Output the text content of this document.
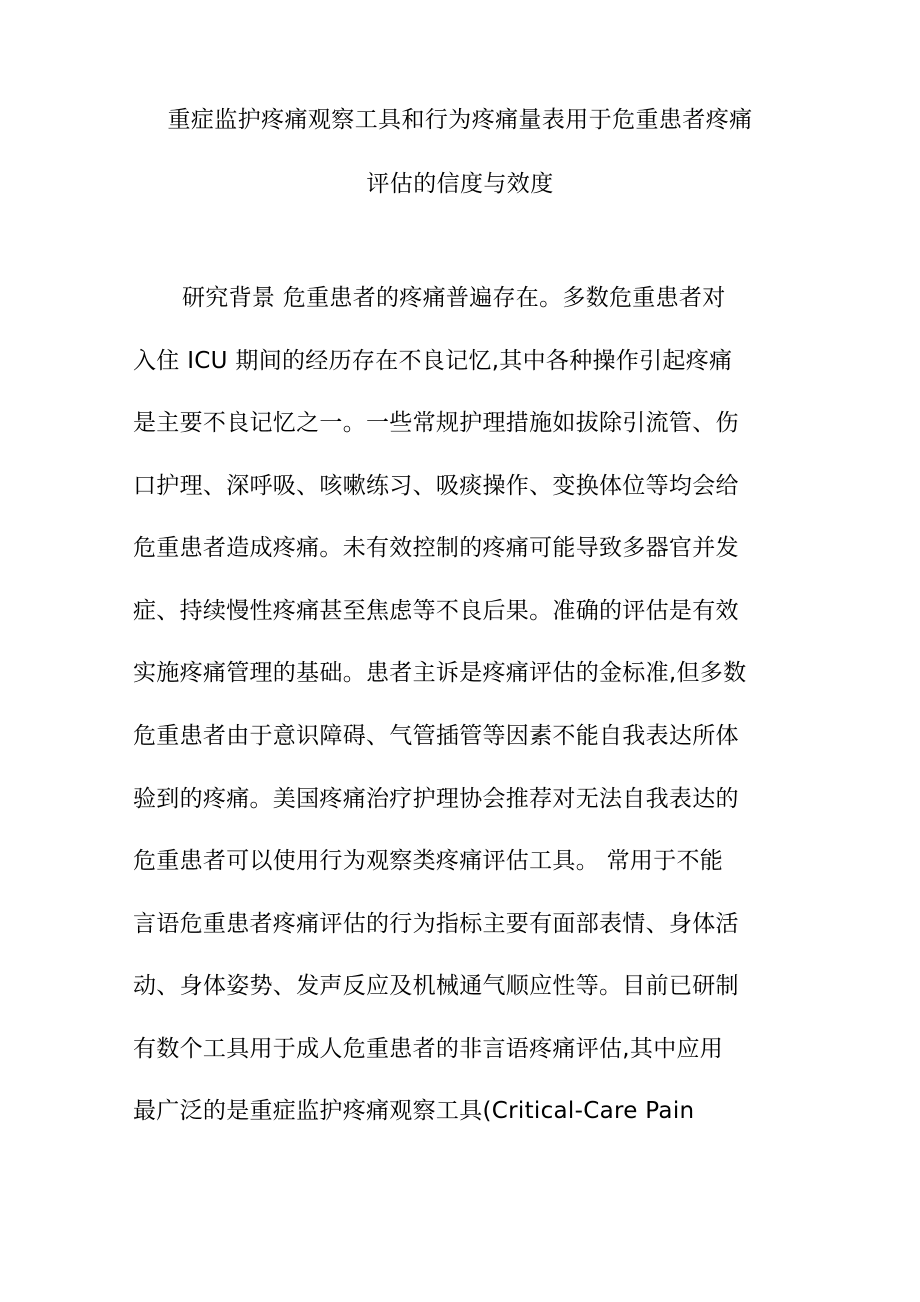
重症监护疼痛观察工具和行为疼痛量表用于危重患者疼痛
评估的信度与效度
研究背景 危重患者的疼痛普遍存在。多数危重患者对
入住 ICU 期间的经历存在不良记忆,其中各种操作引起疼痛
是主要不良记忆之一。一些常规护理措施如拔除引流管、伤
口护理、深呼吸、咳嗽练习、吸痰操作、变换体位等均会给
危重患者造成疼痛。未有效控制的疼痛可能导致多器官并发
症、持续慢性疼痛甚至焦虑等不良后果。准确的评估是有效
实施疼痛管理的基础。患者主诉是疼痛评估的金标准,但多数
危重患者由于意识障碍、气管插管等因素不能自我表达所体
验到的疼痛。美国疼痛治疗护理协会推荐对无法自我表达的
危重患者可以使用行为观察类疼痛评估工具。 常用于不能
言语危重患者疼痛评估的行为指标主要有面部表情、身体活
动、身体姿势、发声反应及机械通气顺应性等。目前已研制
有数个工具用于成人危重患者的非言语疼痛评估,其中应用
最广泛的是重症监护疼痛观察工具(Critical-Care Pain
